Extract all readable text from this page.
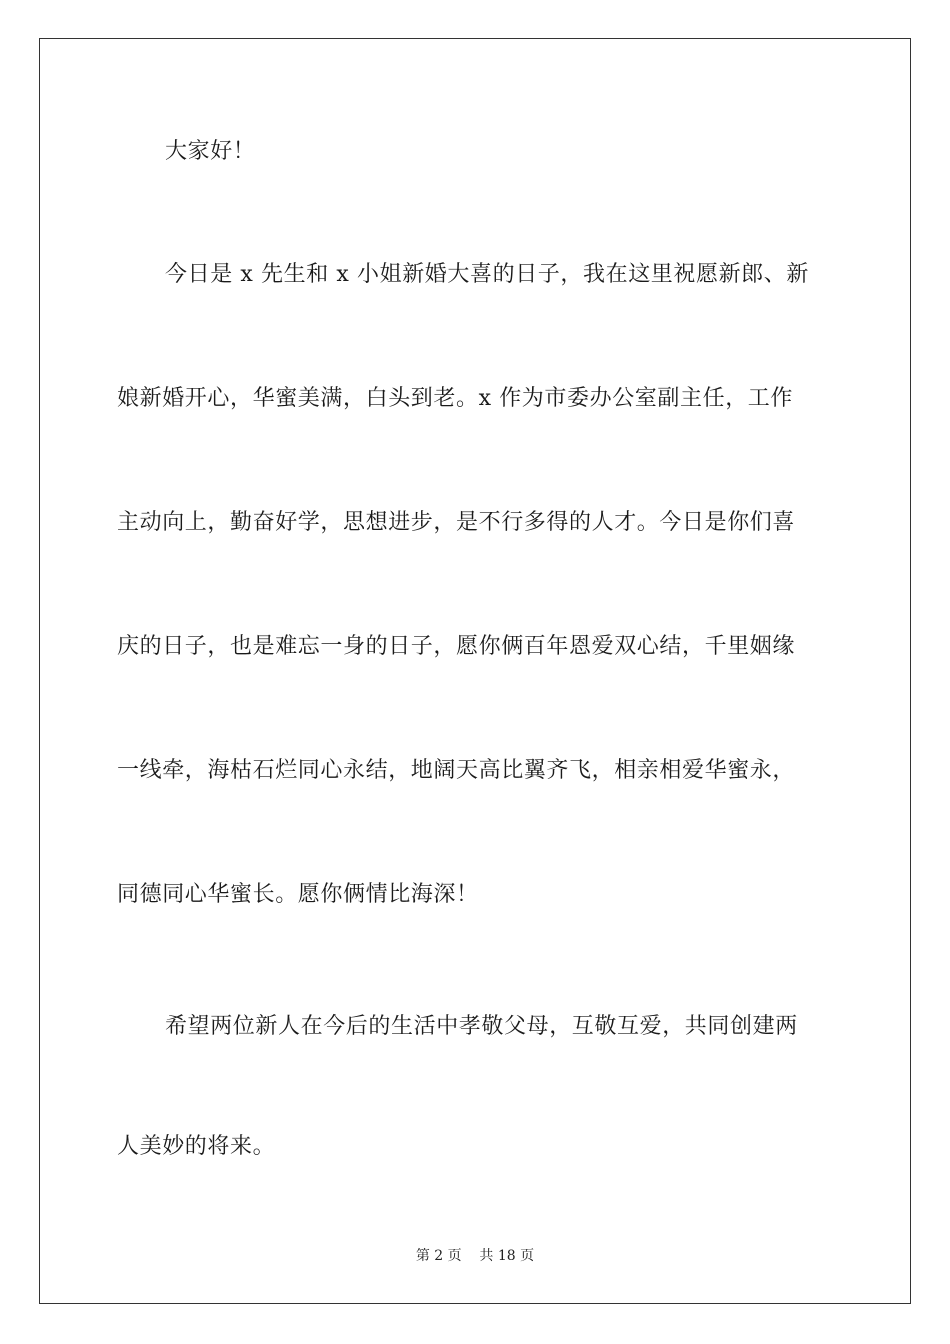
大家好！
今日是 x 先生和 x 小姐新婚大喜的日子，我在这里祝愿新郎、新
娘新婚开心，华蜜美满，白头到老。x 作为市委办公室副主任，工作
主动向上，勤奋好学，思想进步，是不行多得的人才。今日是你们喜
庆的日子，也是难忘一身的日子，愿你俩百年恩爱双心结，千里姻缘
一线牵，海枯石烂同心永结，地阔天高比翼齐飞，相亲相爱华蜜永，
同德同心华蜜长。愿你俩情比海深！
希望两位新人在今后的生活中孝敬父母，互敬互爱，共同创建两
人美妙的将来。
第 2 页    共 18 页
